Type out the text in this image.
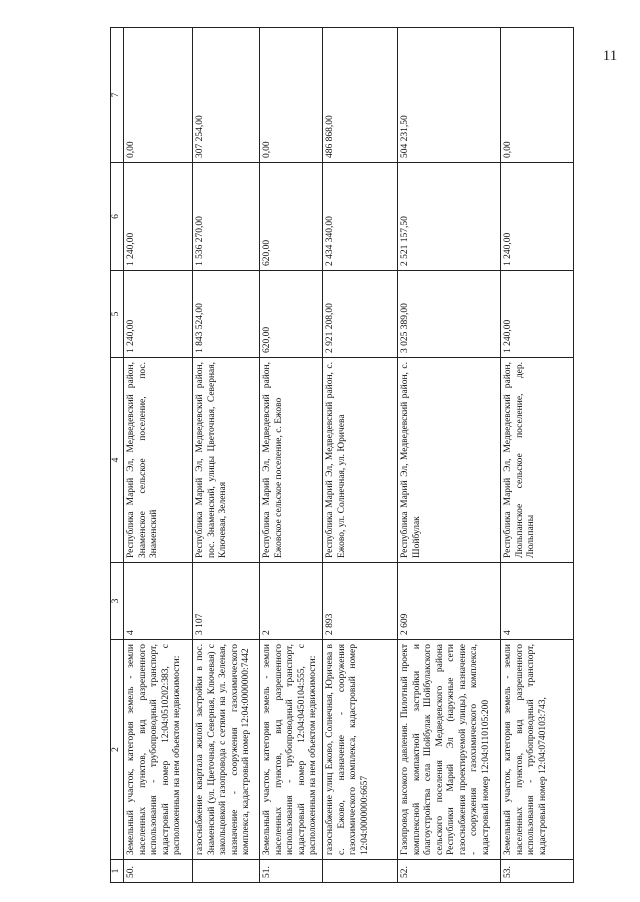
11
1	2	3	4	5	6	7
50.	Земельный участок, категория земель - земли населенных пунктов, вид разрешенного использования - трубопроводный транспорт, кадастровый номер 12:04:0510202:383, с расположенным на нем объектом недвижимости:	4	Республика Марий Эл, Медведевский район, Знаменское сельское поселение, пос. Знаменский	1 240,00	1 240,00	0,00
	газоснабжение квартала жилой застройки в пос. Знаменский (ул. Цветочная, Северная, Ключевая) с закольцовкой газопровода с сетями на ул. Зеленая, назначение - сооружения газохимического комплекса, кадастровый номер 12:04:0000000:7442	3 107	Республика Марий Эл, Медведевский район, пос. Знаменский, улицы Цветочная, Северная, Ключевая, Зеленая	1 843 524,00	1 536 270,00	307 254,00
51.	Земельный участок, категория земель - земли населенных пунктов, вид разрешенного использования - трубопроводный транспорт, кадастровый номер 12:04:0450104:555, с расположенным на нем объектом недвижимости:	2	Республика Марий Эл, Медведевский район, Ежовское сельское поселение, с. Ежово	620,00	620,00	0,00
	газоснабжение улиц Ежово, Солнечная, Юричева в с. Ежово, назначение - сооружения газохимического комплекса, кадастровый номер 12:04:0000000:6657	2 893	Республика Марий Эл, Медведевский район, с. Ежово, ул. Солнечная, ул. Юричева	2 921 208,00	2 434 340,00	486 868,00
52.	Газопровод высокого давления. Пилотный проект комплексной компактной застройки и благоустройства села Шойбулак Шойбулакского сельского поселения Медведевского района Республики Марий Эл (наружные сети газоснабжения проектируемой улицы), назначение - сооружения газохимического комплекса, кадастровый номер 12:04:0110105:200	2 609	Республика Марий Эл, Медведевский район, с. Шойбулак	3 025 389,00	2 521 157,50	504 231,50
53.	Земельный участок, категория земель - земли населенных пунктов, вид разрешенного использования - трубопроводный транспорт, кадастровый номер 12:04:0740103:743,	4	Республика Марий Эл, Медведевский район, Люльпанское сельское поселение, дер. Люльпаны	1 240,00	1 240,00	0,00
